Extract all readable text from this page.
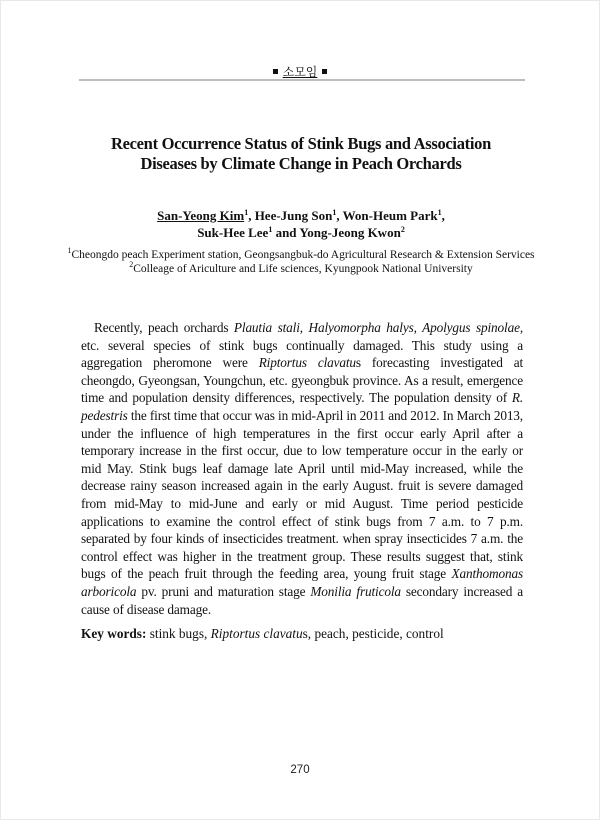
소모임
Recent Occurrence Status of Stink Bugs and Association
Diseases by Climate Change in Peach Orchards
San-Yeong Kim$^1$, Hee-Jung Son$^1$, Won-Heum Park$^1$,
Suk-Hee Lee$^1$ and Yong-Jeong Kwon$^2$
$^1$Cheongdo peach Experiment station, Geongsangbuk-do Agricultural Research & Extension Services
$^2$Colleage of Ariculture and Life sciences, Kyungpook National University
Recently, peach orchards Plautia stali, Halyomorpha halys, Apolygus spinolae, etc. several species of stink bugs continually damaged. This study using a aggregation pheromone were Riptortus clavatus forecasting investigated at cheongdo, Gyeongsan, Youngchun, etc. gyeongbuk province. As a result, emergence time and population density differences, respectively. The population density of R. pedestris the first time that occur was in mid-April in 2011 and 2012. In March 2013, under the influence of high temperatures in the first occur early April after a temporary increase in the first occur, due to low temperature occur in the early or mid May. Stink bugs leaf damage late April until mid-May increased, while the decrease rainy season increased again in the early August. fruit is severe damaged from mid-May to mid-June and early or mid August. Time period pesticide applications to examine the control effect of stink bugs from 7 a.m. to 7 p.m. separated by four kinds of insecticides treatment. when spray insecticides 7 a.m. the control effect was higher in the treatment group. These results suggest that, stink bugs of the peach fruit through the feeding area, young fruit stage Xanthomonas arboricola pv. pruni and maturation stage Monilia fruticola secondary increased a cause of disease damage.
Key words: stink bugs, Riptortus clavatus, peach, pesticide, control
270
